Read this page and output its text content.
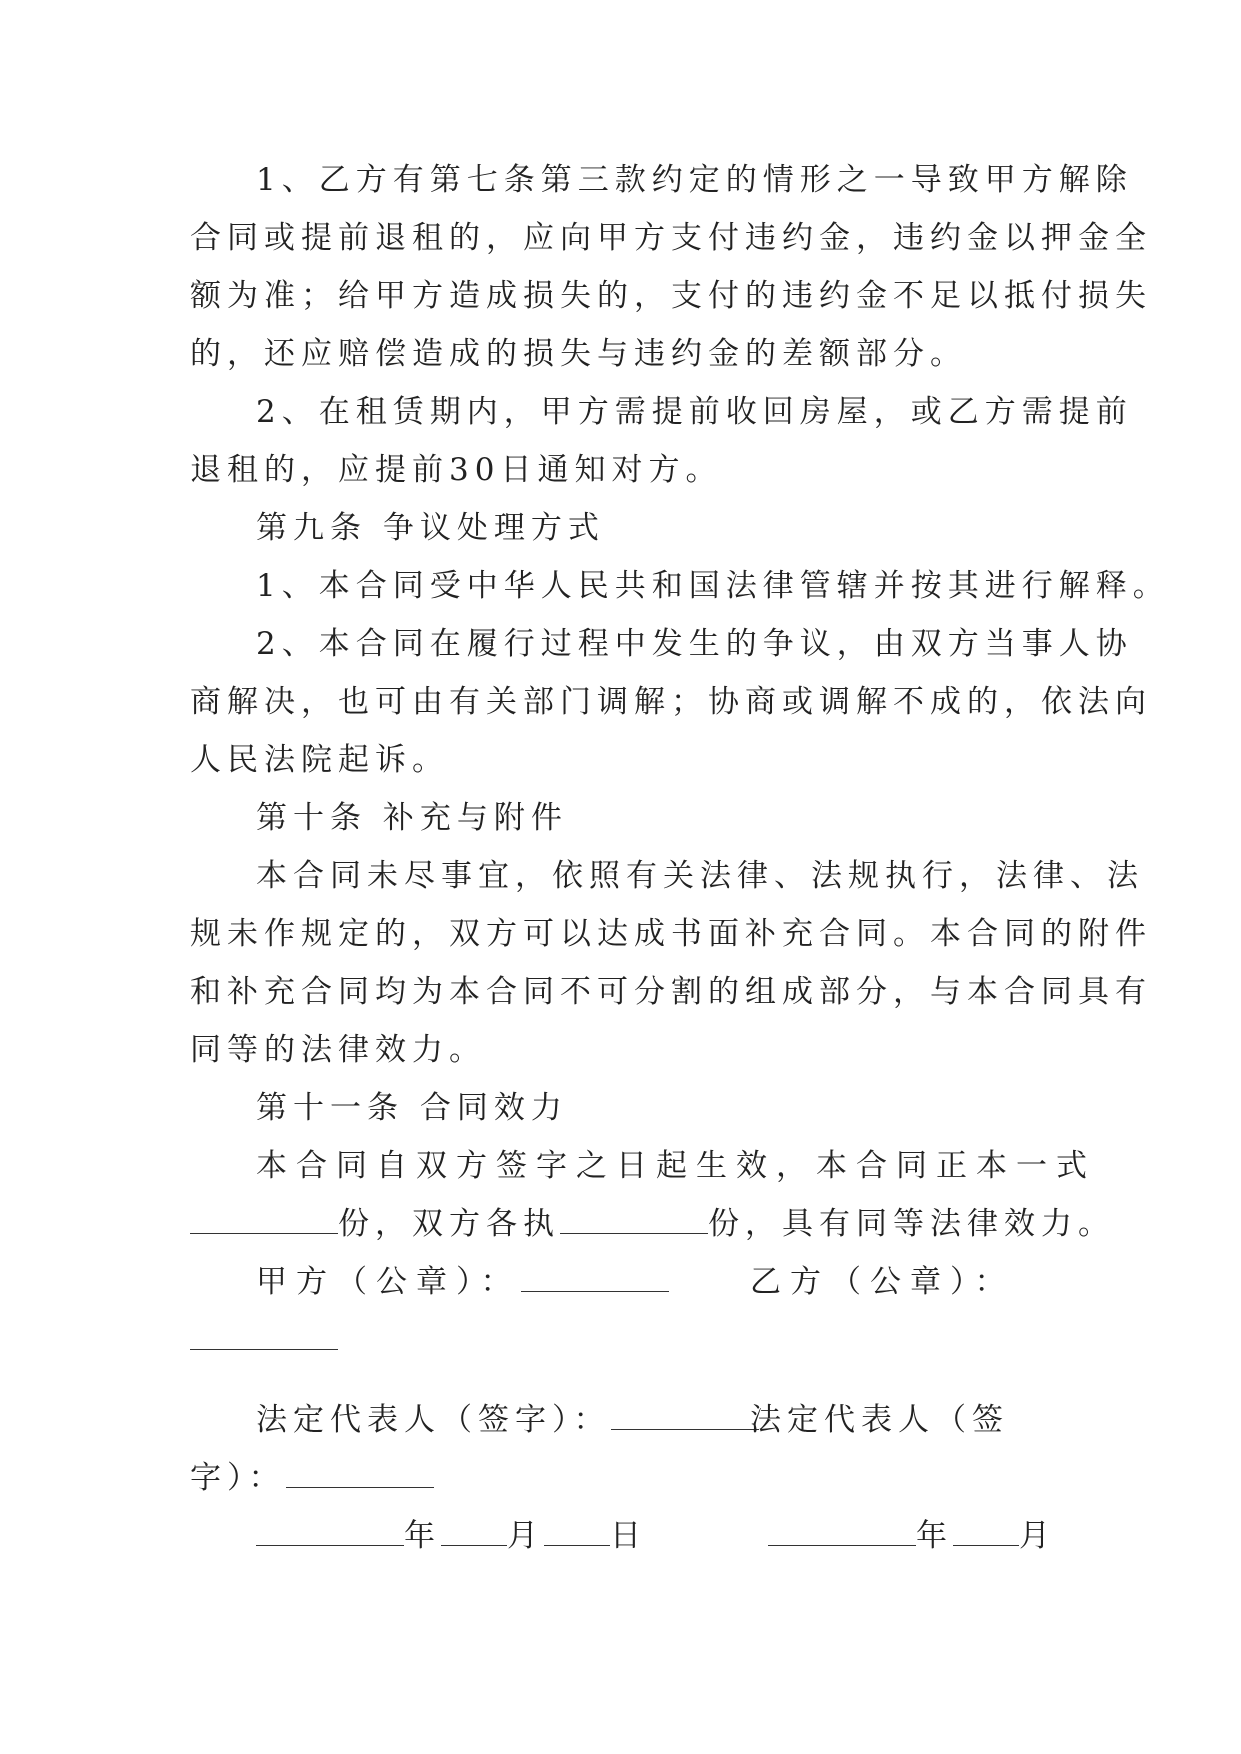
1、乙方有第七条第三款约定的情形之一导致甲方解除
合同或提前退租的，应向甲方支付违约金，违约金以押金全
额为准；给甲方造成损失的，支付的违约金不足以抵付损失
的，还应赔偿造成的损失与违约金的差额部分。
2、在租赁期内，甲方需提前收回房屋，或乙方需提前
退租的，应提前30日通知对方。
第九条 争议处理方式
1、本合同受中华人民共和国法律管辖并按其进行解释。
2、本合同在履行过程中发生的争议，由双方当事人协
商解决，也可由有关部门调解；协商或调解不成的，依法向
人民法院起诉。
第十条 补充与附件
本合同未尽事宜，依照有关法律、法规执行，法律、法
规未作规定的，双方可以达成书面补充合同。本合同的附件
和补充合同均为本合同不可分割的组成部分，与本合同具有
同等的法律效力。
第十一条 合同效力
本合同自双方签字之日起生效，本合同正本一式
份，双方各执	份，具有同等法律效力。
甲方（公章）：	乙方（公章）：
法定代表人（签字）：	法定代表人（签
字）：
年 月 日	年 月
